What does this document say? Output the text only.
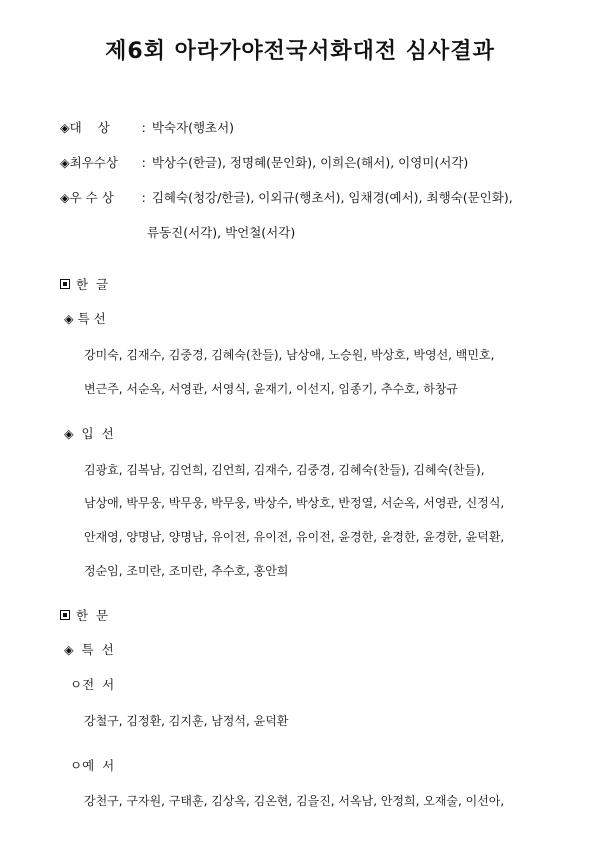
제6회 아라가야전국서화대전 심사결과
◈대    상	: 박숙자(행초서)
◈최우수상 : 박상수(한글), 정명혜(문인화), 이희은(해서), 이영미(서각)
◈우 수 상 : 김혜숙(청강/한글), 이외규(행초서), 임채경(예서), 최행숙(문인화),
류동진(서각), 박언철(서각)
한  글
◈ 특 선
강미숙, 김재수, 김중경, 김혜숙(찬들), 남상애, 노승원, 박상호, 박영선, 백민호,
변근주, 서순옥, 서영관, 서영식, 윤재기, 이선지, 임종기, 추수호, 하창규
◈  입  선
김광효, 김복남, 김언희, 김언희, 김재수, 김중경, 김혜숙(찬들), 김혜숙(찬들),
남상애, 박무웅, 박무웅, 박무웅, 박상수, 박상호, 반정열, 서순옥, 서영관, 신정식,
안재영, 양명남, 양명남, 유이전, 유이전, 유이전, 윤경한, 윤경한, 윤경한, 윤덕환,
정순임, 조미란, 조미란, 추수호, 홍안희
한  문
◈  특  선
ㅇ전  서
강철구, 김정환, 김지훈, 남정석, 윤덕환
ㅇ예  서
강천구, 구자원, 구태훈, 김상옥, 김온현, 김을진, 서옥남, 안정희, 오재술, 이선아,
